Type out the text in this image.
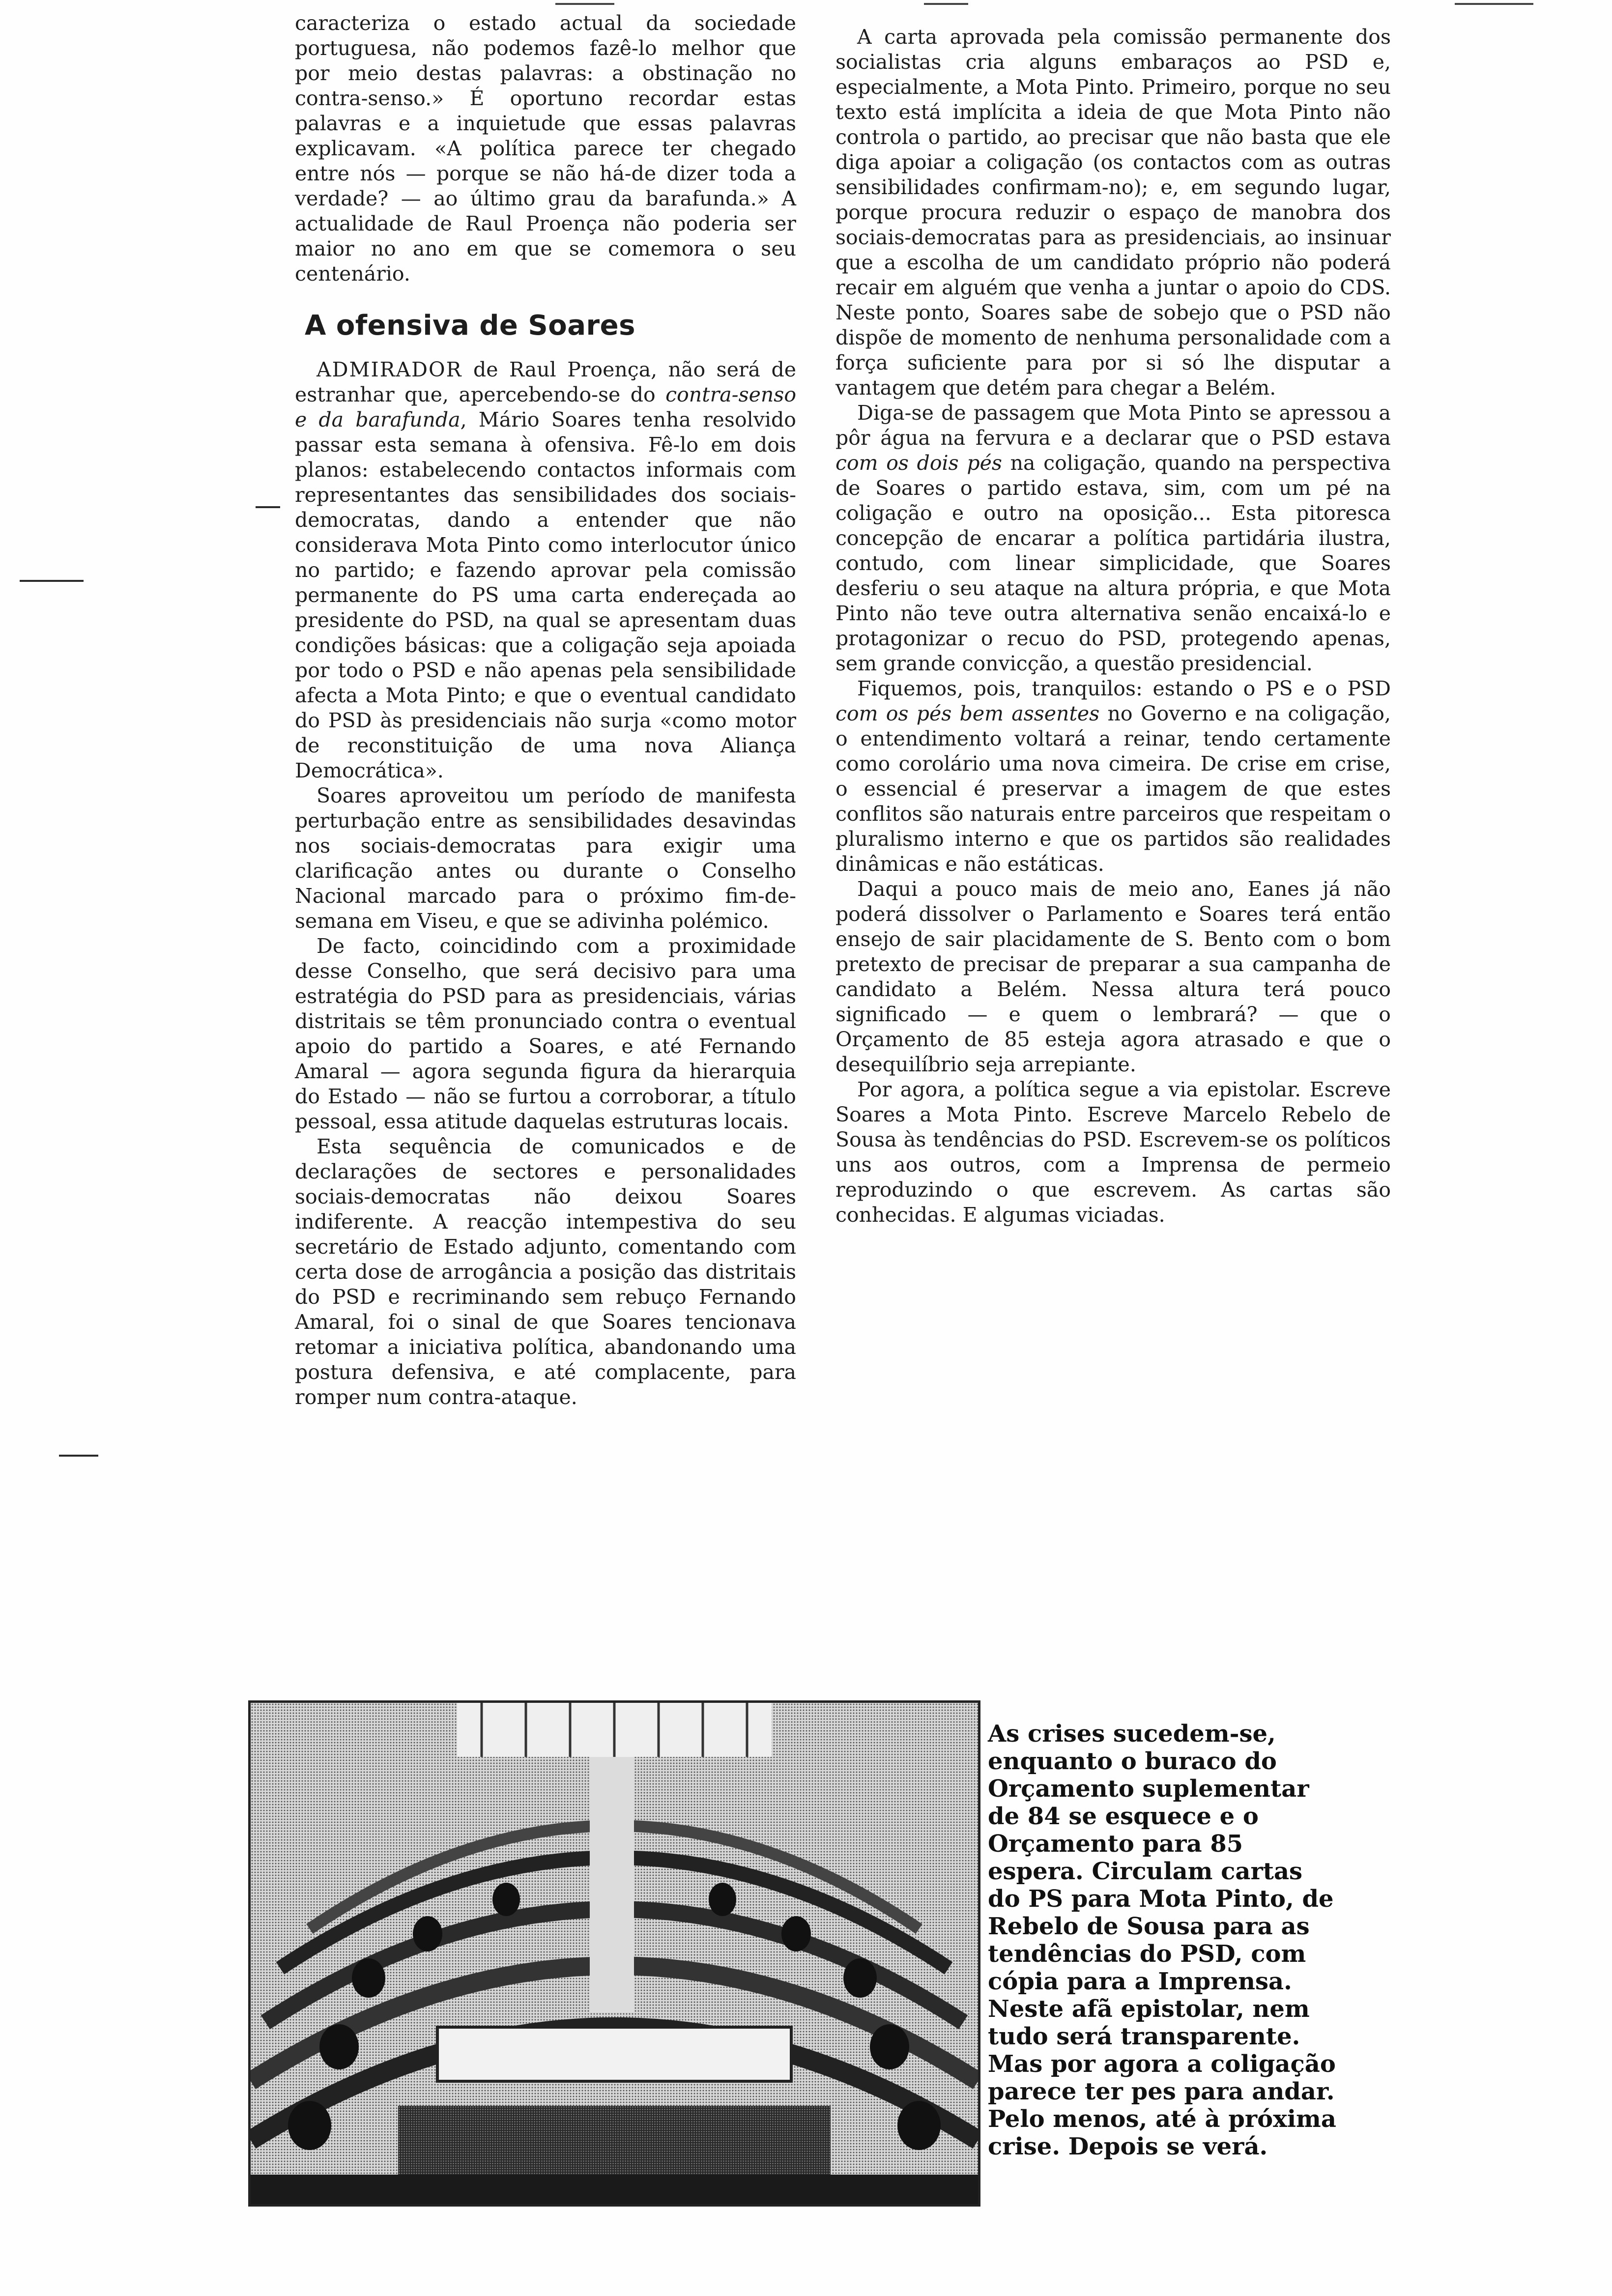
caracteriza o estado actual da sociedade portuguesa, não podemos fazê-lo melhor que por meio destas palavras: a obstinação no contra-senso.» É oportuno recordar estas palavras e a inquietude que essas palavras explicavam. «A política parece ter chegado entre nós — porque se não há-de dizer toda a verdade? — ao último grau da barafunda.» A actualidade de Raul Proença não poderia ser maior no ano em que se comemora o seu centenário.

A ofensiva de Soares

ADMIRADOR de Raul Proença, não será de estranhar que, apercebendo-se do contra-senso e da barafunda, Mário Soares tenha resolvido passar esta semana à ofensiva. Fê-lo em dois planos: estabelecendo contactos informais com representantes das sensibilidades dos sociais-democratas, dando a entender que não considerava Mota Pinto como interlocutor único no partido; e fazendo aprovar pela comissão permanente do PS uma carta endereçada ao presidente do PSD, na qual se apresentam duas condições básicas: que a coligação seja apoiada por todo o PSD e não apenas pela sensibilidade afecta a Mota Pinto; e que o eventual candidato do PSD às presidenciais não surja «como motor de reconstituição de uma nova Aliança Democrática».

Soares aproveitou um período de manifesta perturbação entre as sensibilidades desavindas nos sociais-democratas para exigir uma clarificação antes ou durante o Conselho Nacional marcado para o próximo fim-de-semana em Viseu, e que se adivinha polémico.

De facto, coincidindo com a proximidade desse Conselho, que será decisivo para uma estratégia do PSD para as presidenciais, várias distritais se têm pronunciado contra o eventual apoio do partido a Soares, e até Fernando Amaral — agora segunda figura da hierarquia do Estado — não se furtou a corroborar, a título pessoal, essa atitude daquelas estruturas locais.

Esta sequência de comunicados e de declarações de sectores e personalidades sociais-democratas não deixou Soares indiferente. A reacção intempestiva do seu secretário de Estado adjunto, comentando com certa dose de arrogância a posição das distritais do PSD e recriminando sem rebuço Fernando Amaral, foi o sinal de que Soares tencionava retomar a iniciativa política, abandonando uma postura defensiva, e até complacente, para romper num contra-ataque.

A carta aprovada pela comissão permanente dos socialistas cria alguns embaraços ao PSD e, especialmente, a Mota Pinto. Primeiro, porque no seu texto está implícita a ideia de que Mota Pinto não controla o partido, ao precisar que não basta que ele diga apoiar a coligação (os contactos com as outras sensibilidades confirmam-no); e, em segundo lugar, porque procura reduzir o espaço de manobra dos sociais-democratas para as presidenciais, ao insinuar que a escolha de um candidato próprio não poderá recair em alguém que venha a juntar o apoio do CDS. Neste ponto, Soares sabe de sobejo que o PSD não dispõe de momento de nenhuma personalidade com a força suficiente para por si só lhe disputar a vantagem que detém para chegar a Belém.

Diga-se de passagem que Mota Pinto se apressou a pôr água na fervura e a declarar que o PSD estava com os dois pés na coligação, quando na perspectiva de Soares o partido estava, sim, com um pé na coligação e outro na oposição... Esta pitoresca concepção de encarar a política partidária ilustra, contudo, com linear simplicidade, que Soares desferiu o seu ataque na altura própria, e que Mota Pinto não teve outra alternativa senão encaixá-lo e protagonizar o recuo do PSD, protegendo apenas, sem grande convicção, a questão presidencial.

Fiquemos, pois, tranquilos: estando o PS e o PSD com os pés bem assentes no Governo e na coligação, o entendimento voltará a reinar, tendo certamente como corolário uma nova cimeira. De crise em crise, o essencial é preservar a imagem de que estes conflitos são naturais entre parceiros que respeitam o pluralismo interno e que os partidos são realidades dinâmicas e não estáticas.

Daqui a pouco mais de meio ano, Eanes já não poderá dissolver o Parlamento e Soares terá então ensejo de sair placidamente de S. Bento com o bom pretexto de precisar de preparar a sua campanha de candidato a Belém. Nessa altura terá pouco significado — e quem o lembrará? — que o Orçamento de 85 esteja agora atrasado e que o desequilíbrio seja arrepiante.

Por agora, a política segue a via epistolar. Escreve Soares a Mota Pinto. Escreve Marcelo Rebelo de Sousa às tendências do PSD. Escrevem-se os políticos uns aos outros, com a Imprensa de permeio reproduzindo o que escrevem. As cartas são conhecidas. E algumas viciadas.

As crises sucedem-se, enquanto o buraco do Orçamento suplementar de 84 se esquece e o Orçamento para 85 espera. Circulam cartas do PS para Mota Pinto, de Rebelo de Sousa para as tendências do PSD, com cópia para a Imprensa. Neste afã epistolar, nem tudo será transparente. Mas por agora a coligação parece ter pes para andar. Pelo menos, até à próxima crise. Depois se verá.
